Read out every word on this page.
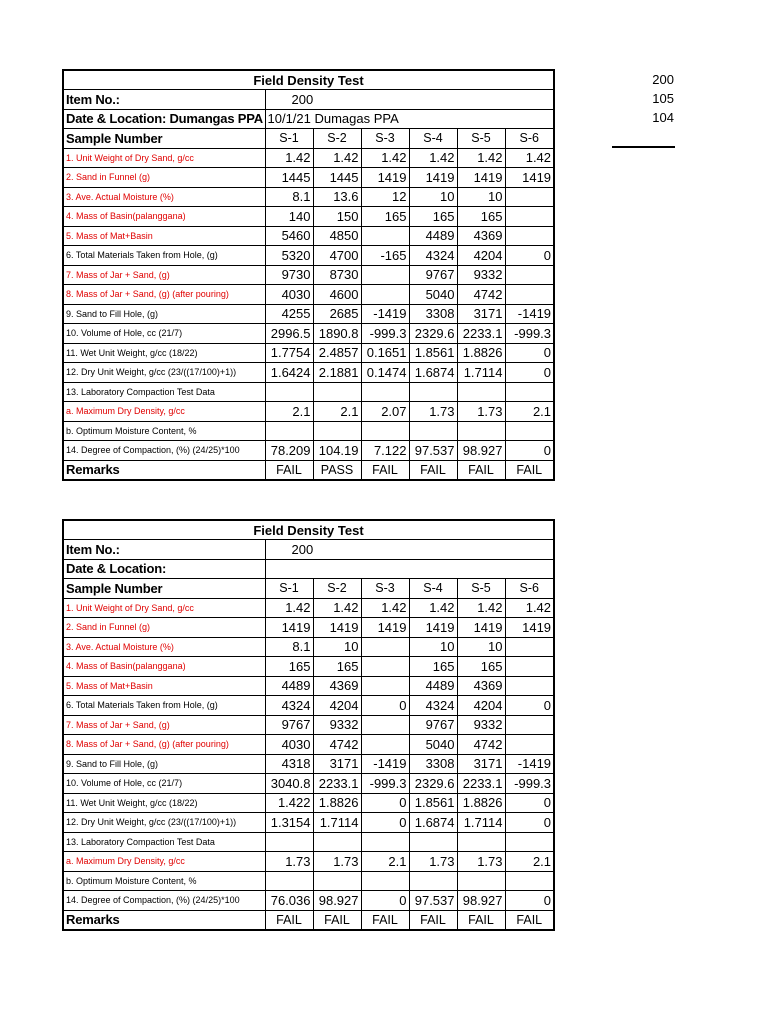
200
105
104
Field Density Test						
Item No.:	200					
Date & Location: Dumangas PPA	10/1/21 Dumagas PPA					
Sample Number	S-1	S-2	S-3	S-4	S-5	S-6
1. Unit Weight of Dry Sand, g/cc	1.42	1.42	1.42	1.42	1.42	1.42
2. Sand in Funnel (g)	1445	1445	1419	1419	1419	1419
3. Ave. Actual Moisture (%)	8.1	13.6	12	10	10	
4. Mass of Basin(palanggana)	140	150	165	165	165	
5. Mass of Mat+Basin	5460	4850		4489	4369	
6. Total Materials Taken from Hole, (g)	5320	4700	-165	4324	4204	0
7. Mass of Jar + Sand, (g)	9730	8730		9767	9332	
8. Mass of Jar + Sand, (g) (after pouring)	4030	4600		5040	4742	
9. Sand to Fill Hole, (g)	4255	2685	-1419	3308	3171	-1419
10. Volume of Hole, cc (21/7)	2996.5	1890.8	-999.3	2329.6	2233.1	-999.3
11. Wet Unit Weight, g/cc (18/22)	1.7754	2.4857	0.1651	1.8561	1.8826	0
12. Dry Unit Weight, g/cc (23/((17/100)+1))	1.6424	2.1881	0.1474	1.6874	1.7114	0
13. Laboratory Compaction Test Data						
a. Maximum Dry Density, g/cc	2.1	2.1	2.07	1.73	1.73	2.1
b. Optimum Moisture Content, %						
14. Degree of Compaction, (%) (24/25)*100	78.209	104.19	7.122	97.537	98.927	0
Remarks	FAIL	PASS	FAIL	FAIL	FAIL	FAIL
Field Density Test						
Item No.:	200					
Date & Location:						
Sample Number	S-1	S-2	S-3	S-4	S-5	S-6
1. Unit Weight of Dry Sand, g/cc	1.42	1.42	1.42	1.42	1.42	1.42
2. Sand in Funnel (g)	1419	1419	1419	1419	1419	1419
3. Ave. Actual Moisture (%)	8.1	10		10	10	
4. Mass of Basin(palanggana)	165	165		165	165	
5. Mass of Mat+Basin	4489	4369		4489	4369	
6. Total Materials Taken from Hole, (g)	4324	4204	0	4324	4204	0
7. Mass of Jar + Sand, (g)	9767	9332		9767	9332	
8. Mass of Jar + Sand, (g) (after pouring)	4030	4742		5040	4742	
9. Sand to Fill Hole, (g)	4318	3171	-1419	3308	3171	-1419
10. Volume of Hole, cc (21/7)	3040.8	2233.1	-999.3	2329.6	2233.1	-999.3
11. Wet Unit Weight, g/cc (18/22)	1.422	1.8826	0	1.8561	1.8826	0
12. Dry Unit Weight, g/cc (23/((17/100)+1))	1.3154	1.7114	0	1.6874	1.7114	0
13. Laboratory Compaction Test Data						
a. Maximum Dry Density, g/cc	1.73	1.73	2.1	1.73	1.73	2.1
b. Optimum Moisture Content, %						
14. Degree of Compaction, (%) (24/25)*100	76.036	98.927	0	97.537	98.927	0
Remarks	FAIL	FAIL	FAIL	FAIL	FAIL	FAIL
